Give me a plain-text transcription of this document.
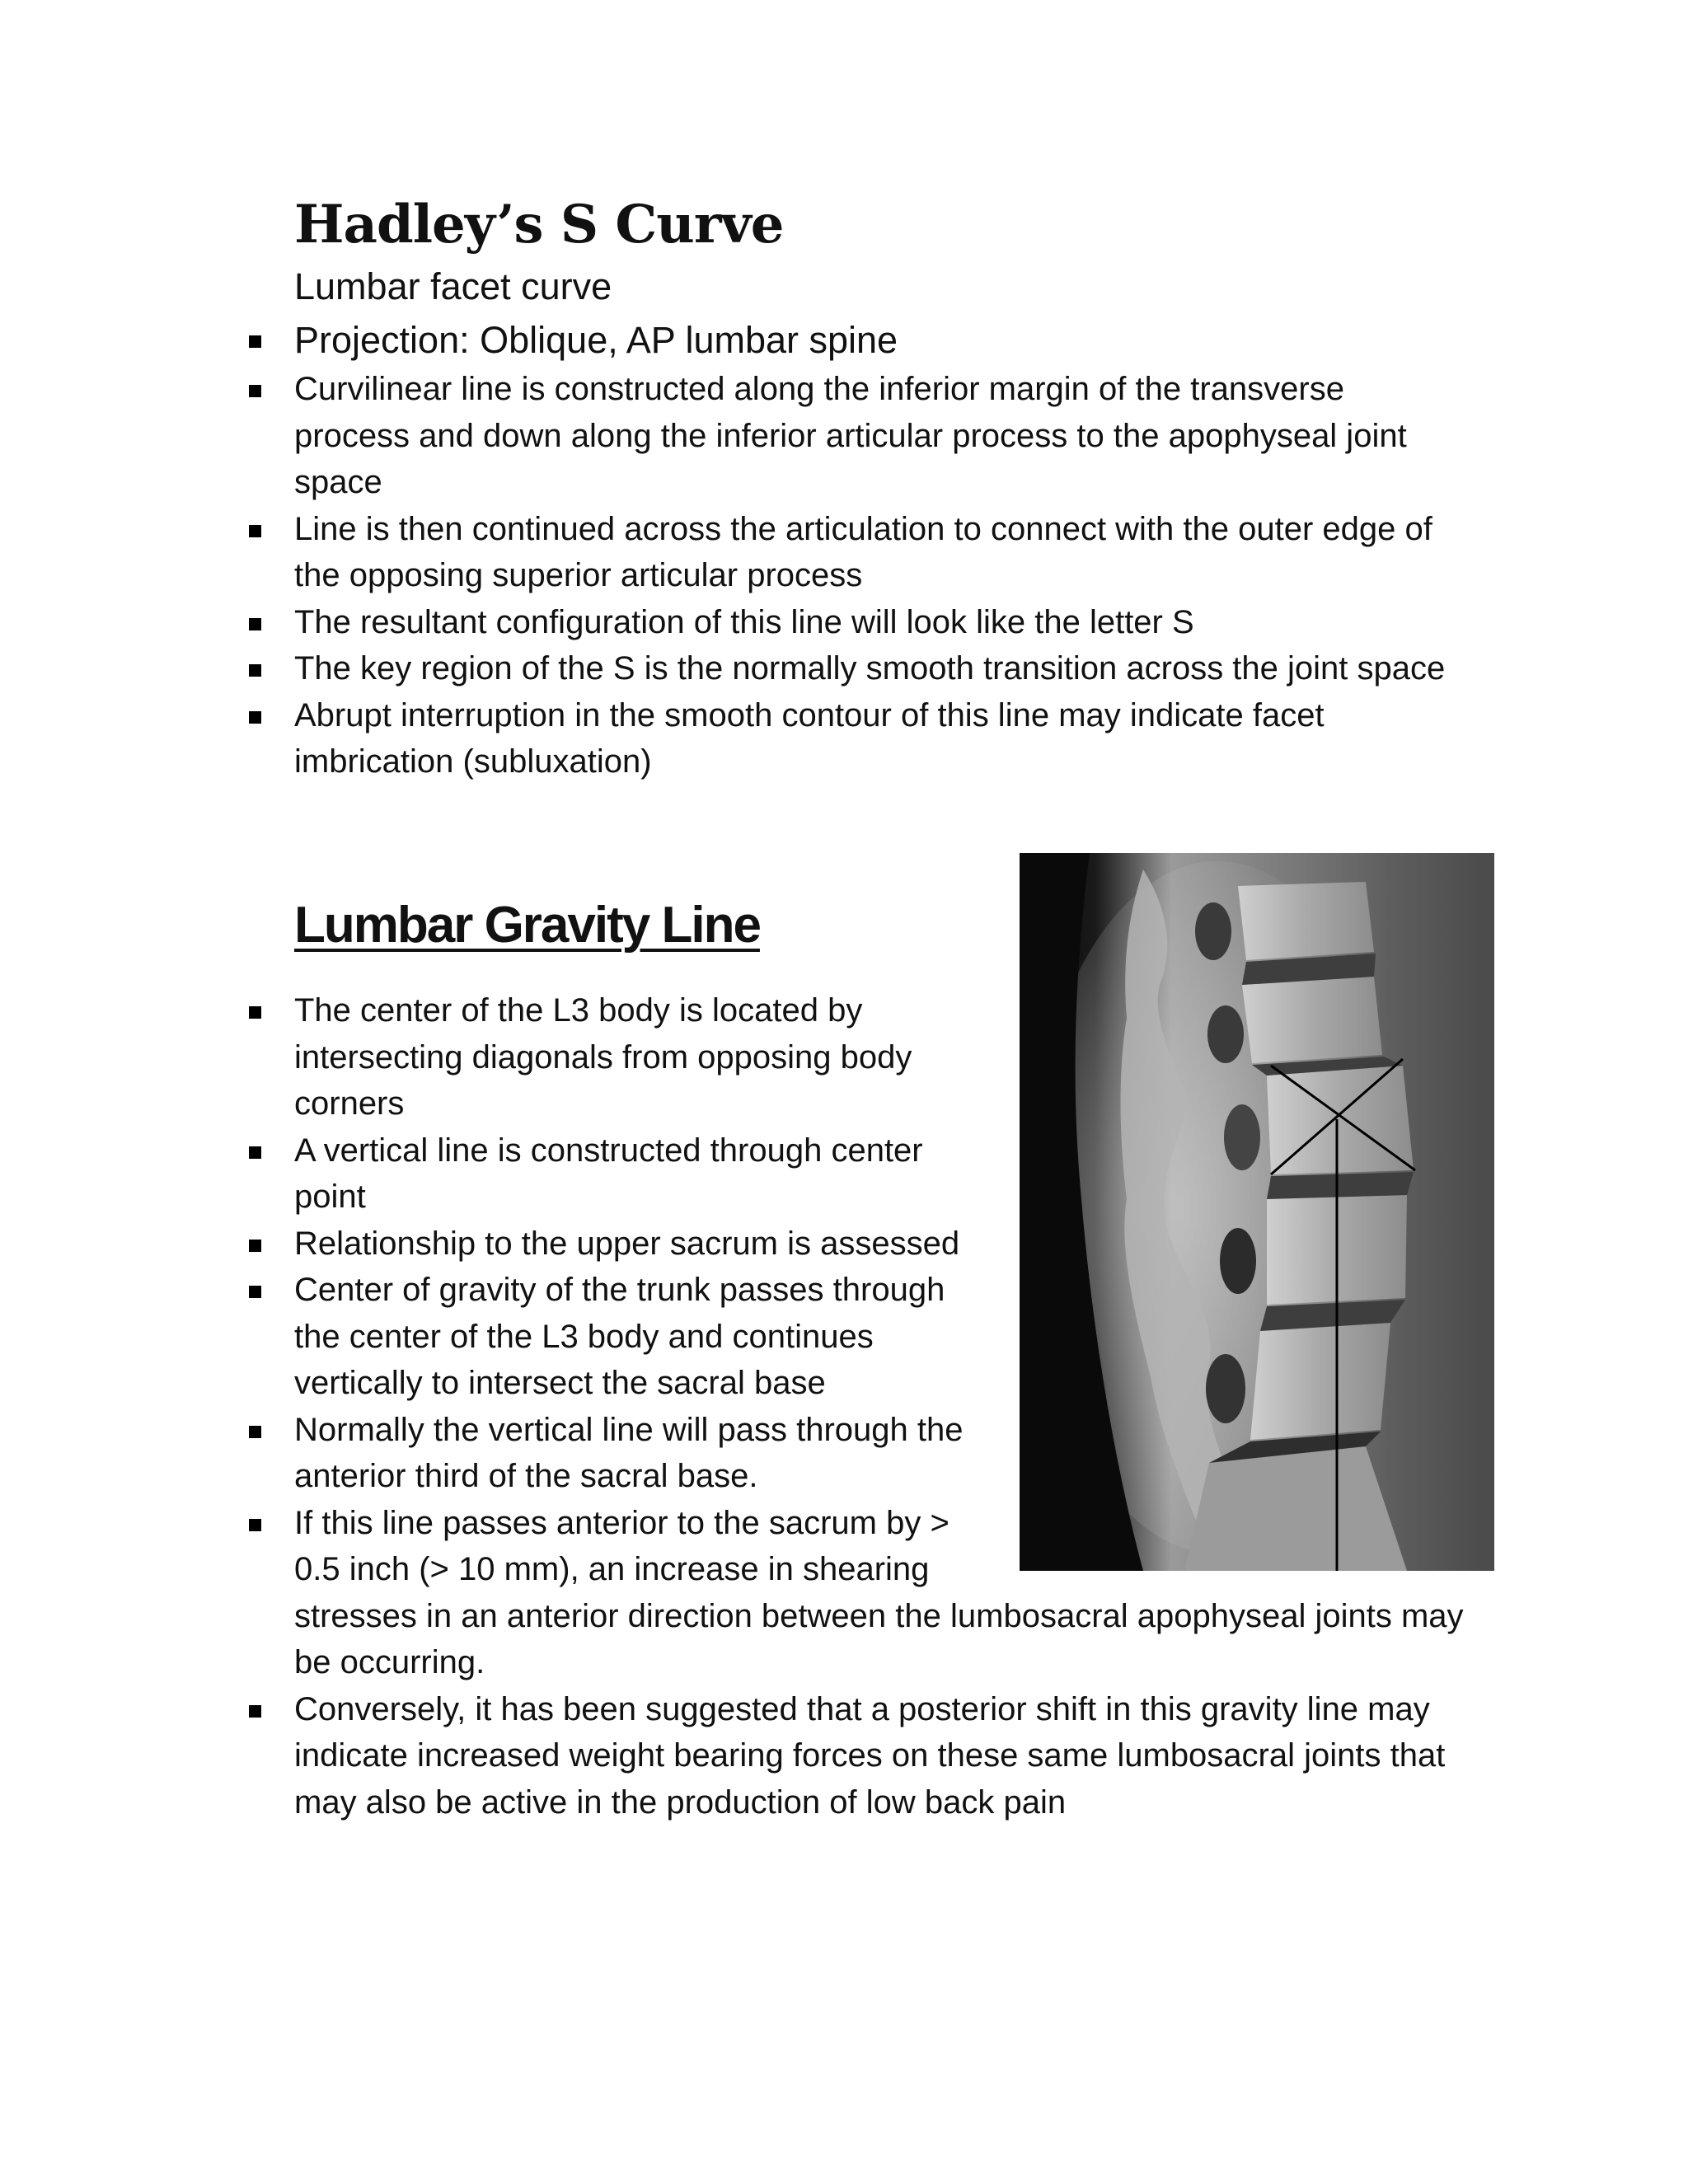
Hadley’s S Curve
Lumbar facet curve
Projection: Oblique, AP lumbar spine
Curvilinear line is constructed along the inferior margin of the transverse process and down along the inferior articular process to the apophyseal joint space
Line is then continued across the articulation to connect with the outer edge of the opposing superior articular process
The resultant configuration of this line will look like the letter S
The key region of the S is the normally smooth transition across the joint space
Abrupt interruption in the smooth contour of this line may indicate facet imbrication (subluxation)
Lumbar Gravity Line
The center of the L3 body is located by intersecting diagonals from opposing body corners
A vertical line is constructed through center point
Relationship to the upper sacrum is assessed
Center of gravity of the trunk passes through the center of the L3 body and continues vertically to intersect the sacral base
Normally the vertical line will pass through the anterior third of the sacral base.
If this line passes anterior to the sacrum by > 0.5 inch (> 10 mm), an increase in shearing
stresses in an anterior direction between the lumbosacral apophyseal joints may be occurring.
Conversely, it has been suggested that a posterior shift in this gravity line may indicate increased weight bearing forces on these same lumbosacral joints that may also be active in the production of low back pain
